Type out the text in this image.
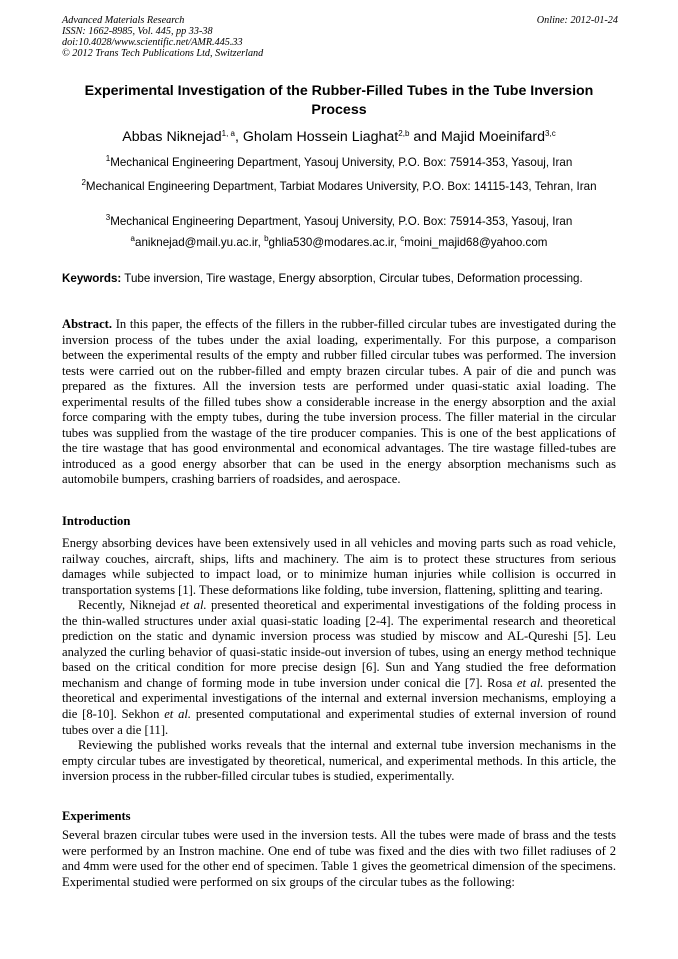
Advanced Materials Research
ISSN: 1662-8985, Vol. 445, pp 33-38
doi:10.4028/www.scientific.net/AMR.445.33
© 2012 Trans Tech Publications Ltd, Switzerland
Online: 2012-01-24
Experimental Investigation of the Rubber-Filled Tubes in the Tube Inversion Process
Abbas Niknejad$^{1, a}$, Gholam Hossein Liaghat$^{2,b}$ and Majid Moeinifard$^{3,c}$
$^1$Mechanical Engineering Department, Yasouj University, P.O. Box: 75914-353, Yasouj, Iran
$^2$Mechanical Engineering Department, Tarbiat Modares University, P.O. Box: 14115-143, Tehran, Iran
$^3$Mechanical Engineering Department, Yasouj University, P.O. Box: 75914-353, Yasouj, Iran
$^a$aniknejad@mail.yu.ac.ir, $^b$ghlia530@modares.ac.ir, $^c$moini_majid68@yahoo.com
Keywords: Tube inversion, Tire wastage, Energy absorption, Circular tubes, Deformation processing.

Abstract. In this paper, the effects of the fillers in the rubber-filled circular tubes are investigated during the inversion process of the tubes under the axial loading, experimentally. For this purpose, a comparison between the experimental results of the empty and rubber filled circular tubes was performed. The inversion tests were carried out on the rubber-filled and empty brazen circular tubes. A pair of die and punch was prepared as the fixtures. All the inversion tests are performed under quasi-static axial loading. The experimental results of the filled tubes show a considerable increase in the energy absorption and the axial force comparing with the empty tubes, during the tube inversion process. The filler material in the circular tubes was supplied from the wastage of the tire producer companies. This is one of the best applications of the tire wastage that has good environmental and economical advantages. The tire wastage filled-tubes are introduced as a good energy absorber that can be used in the energy absorption mechanisms such as automobile bumpers, crashing barriers of roadsides, and aerospace.

Introduction

Energy absorbing devices have been extensively used in all vehicles and moving parts such as road vehicle, railway couches, aircraft, ships, lifts and machinery. The aim is to protect these structures from serious damages while subjected to impact load, or to minimize human injuries while collision is occurred in transportation systems [1]. These deformations like folding, tube inversion, flattening, splitting and tearing.

Recently, Niknejad et al. presented theoretical and experimental investigations of the folding process in the thin-walled structures under axial quasi-static loading [2-4]. The experimental research and theoretical prediction on the static and dynamic inversion process was studied by miscow and AL-Qureshi [5]. Leu analyzed the curling behavior of quasi-static inside-out inversion of tubes, using an energy method technique based on the critical condition for more precise design [6]. Sun and Yang studied the free deformation mechanism and change of forming mode in tube inversion under conical die [7]. Rosa et al. presented the theoretical and experimental investigations of the internal and external inversion mechanisms, employing a die [8-10]. Sekhon et al. presented computational and experimental studies of external inversion of round tubes over a die [11].

Reviewing the published works reveals that the internal and external tube inversion mechanisms in the empty circular tubes are investigated by theoretical, numerical, and experimental methods. In this article, the inversion process in the rubber-filled circular tubes is studied, experimentally.

Experiments

Several brazen circular tubes were used in the inversion tests. All the tubes were made of brass and the tests were performed by an Instron machine. One end of tube was fixed and the dies with two fillet radiuses of 2 and 4mm were used for the other end of specimen. Table 1 gives the geometrical dimension of the specimens. Experimental studied were performed on six groups of the circular tubes as the following:
